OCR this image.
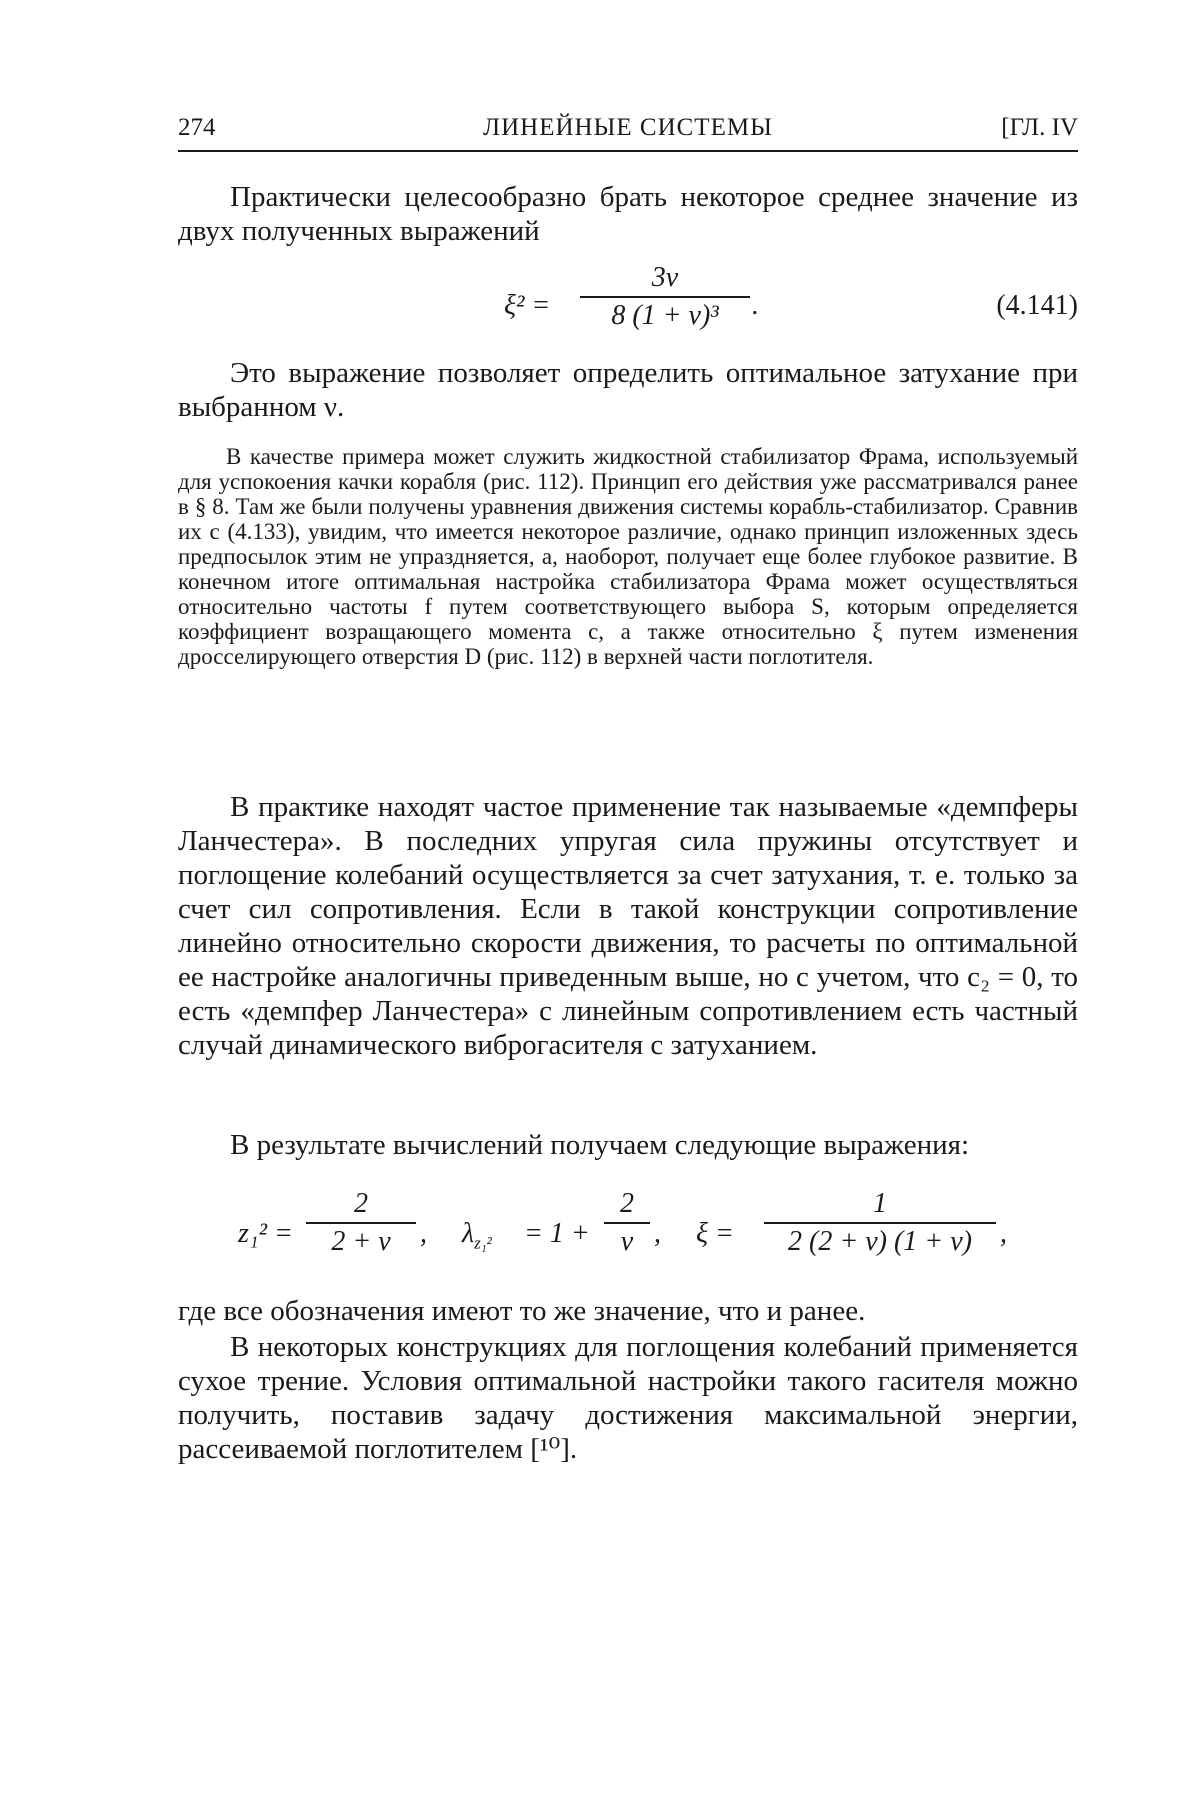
274	ЛИНЕЙНЫЕ СИСТЕМЫ	[ГЛ. IV

Практически целесообразно брать некоторое среднее значение из двух полученных выражений

$\xi^2 = \frac{3\nu}{\text{8 (1 + ν)³}}$ .	(4.141)

Это выражение позволяет определить оптимальное затухание при выбранном ν.

В качестве примера может служить жидкостной стабилизатор Фрама, используемый для успокоения качки корабля (рис. 112). Принцип его действия уже рассматривался ранее в § 8. Там же были получены уравнения движения системы корабль-стабилизатор. Сравнив их с (4.133), увидим, что имеется некоторое различие, однако принцип изложенных здесь предпосылок этим не упраздняется, а, наоборот, получает еще более глубокое развитие. В конечном итоге оптимальная настройка стабилизатора Фрама может осуществляться относительно частоты f путем соответствующего выбора S, которым определяется коэффициент возращающего момента c, а также относительно ξ путем изменения дросселирующего отверстия D (рис. 112) в верхней части поглотителя.

В практике находят частое применение так называемые «демпферы Ланчестера». В последних упругая сила пружины отсутствует и поглощение колебаний осуществляется за счет затухания, т. е. только за счет сил сопротивления. Если в такой конструкции сопротивление линейно относительно скорости движения, то расчеты по оптимальной ее настройке аналогичны приведенным выше, но с учетом, что c₂ = 0, то есть «демпфер Ланчестера» с линейным сопротивлением есть частный случай динамического виброгасителя с затуханием.

В результате вычислений получаем следующие выражения:

$z_1^2 = \frac{2}{2 + \nu}$ , $\lambda_{z_1^2} = 1 + \frac{2}{\nu}$ , $\xi = \frac{1}{2 (2 + \nu) (1 + \nu)}$ ,

где все обозначения имеют то же значение, что и ранее.

В некоторых конструкциях для поглощения колебаний применяется сухое трение. Условия оптимальной настройки такого гасителя можно получить, поставив задачу достижения максимальной энергии, рассеиваемой поглотителем [¹⁰].
